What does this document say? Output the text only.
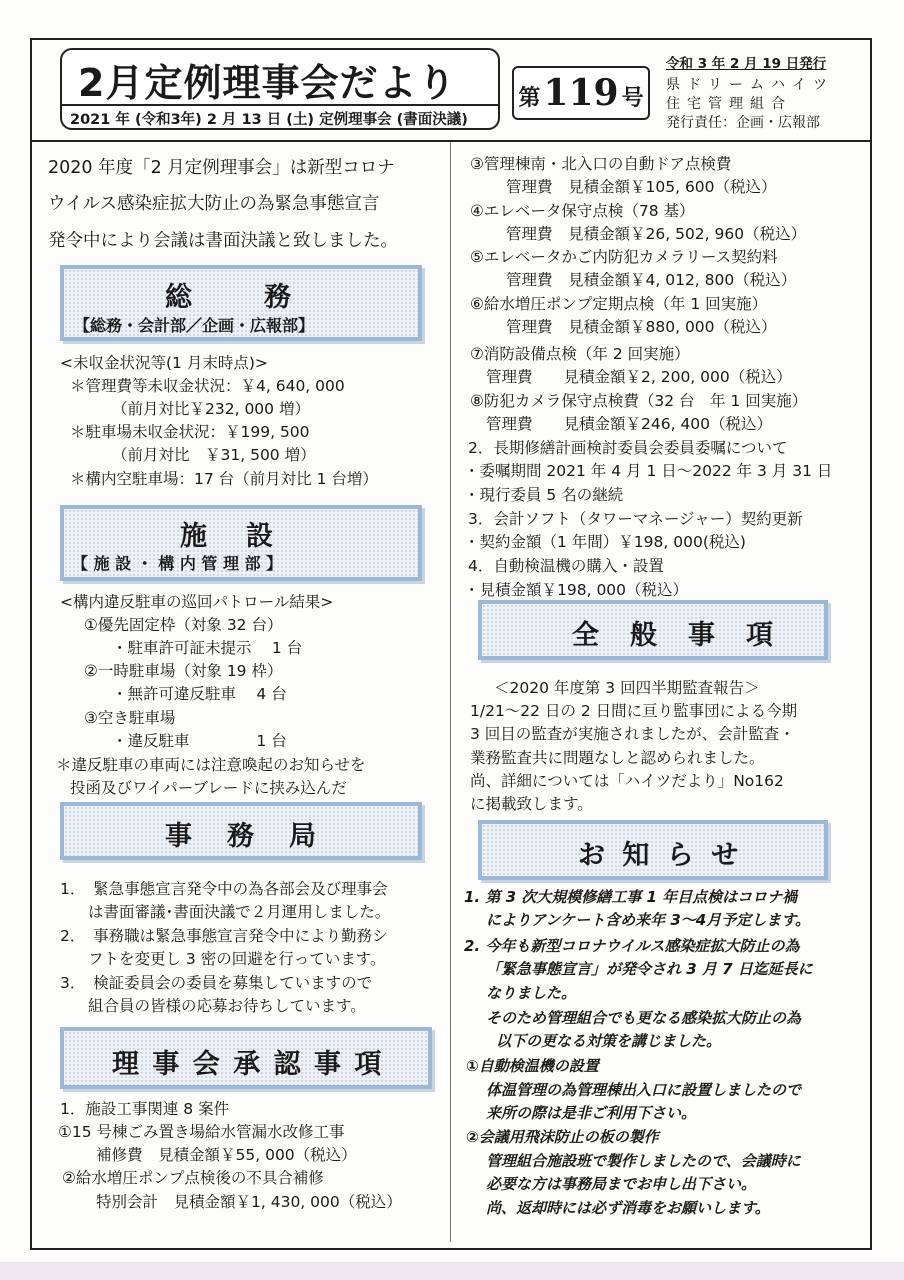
2月定例理事会だより
2021 年 (令和3年) 2 月 13 日 (土) 定例理事会 (書面決議)
第 119 号
令和 3 年 2 月 19 日発行
県ドリームハイツ
住宅管理組合
発行責任：企画・広報部
2020 年度「2 月定例理事会」は新型コロナ
ウイルス感染症拡大防止の為緊急事態宣言
発令中により会議は書面決議と致しました。
総　　務
【総務・会計部／企画・広報部】
<未収金状況等(1 月末時点)>
＊管理費等未収金状況：￥4, 640, 000
（前月対比￥232, 000 増）
＊駐車場未収金状況：￥199, 500
（前月対比　￥31, 500 増）
＊構内空駐車場：17 台（前月対比 1 台増）
施　設
【 施 設 ・ 構 内 管 理 部 】
<構内違反駐車の巡回パトロール結果>
①優先固定枠（対象 32 台）
・駐車許可証未提示　 1 台
②一時駐車場（対象 19 枠）
・無許可違反駐車　 4 台
③空き駐車場
・違反駐車　　　　 1 台
＊違反駐車の車両には注意喚起のお知らせを
投函及びワイパーブレードに挟み込んだ
事　務　局
1．　緊急事態宣言発令中の為各部会及び理事会
は書面審議･書面決議で２月運用しました。
2．　事務職は緊急事態宣言発令中により勤務シ
フトを変更し 3 密の回避を行っています。
3．　検証委員会の委員を募集していますので
組合員の皆様の応募お待ちしています。
理 事 会 承 認 事 項
1．施設工事関連 8 案件
①15 号棟ごみ置き場給水管漏水改修工事
補修費　見積金額￥55, 000（税込）
②給水増圧ポンプ点検後の不具合補修
特別会計　見積金額￥1, 430, 000（税込）
③管理棟南・北入口の自動ドア点検費
管理費　見積金額￥105, 600（税込）
④エレベータ保守点検（78 基）
管理費　見積金額￥26, 502, 960（税込）
⑤エレベータかご内防犯カメラリース契約料
管理費　見積金額￥4, 012, 800（税込）
⑥給水増圧ポンプ定期点検（年 1 回実施）
管理費　見積金額￥880, 000（税込）
⑦消防設備点検（年 2 回実施）
管理費　　見積金額￥2, 200, 000（税込）
⑧防犯カメラ保守点検費（32 台　年 1 回実施）
管理費　　見積金額￥246, 400（税込）
2．長期修繕計画検討委員会委員委嘱について
・委嘱期間 2021 年 4 月 1 日～2022 年 3 月 31 日
・現行委員 5 名の継続
3．会計ソフト（タワーマネージャー）契約更新
・契約金額（1 年間）￥198, 000(税込)
4．自動検温機の購入・設置
・見積金額￥198, 000（税込）
全　般　事　項
＜2020 年度第 3 回四半期監査報告＞
1/21～22 日の 2 日間に亘り監事団による今期
3 回目の監査が実施されましたが、会計監査・
業務監査共に問題なしと認められました。
尚、詳細については「ハイツだより」No162
に掲載致します。
お 知 ら せ
1. 第 3 次大規模修繕工事 1 年目点検はコロナ禍
によりアンケート含め来年 3～4月予定します。
2. 今年も新型コロナウイルス感染症拡大防止の為
「緊急事態宣言」が発令され 3 月 7 日迄延長に
なりました。
そのため管理組合でも更なる感染拡大防止の為
以下の更なる対策を講じました。
①自動検温機の設置
体温管理の為管理棟出入口に設置しましたので
来所の際は是非ご利用下さい。
②会議用飛沫防止の板の製作
管理組合施設班で製作しましたので、会議時に
必要な方は事務局までお申し出下さい。
尚、返却時には必ず消毒をお願いします。
